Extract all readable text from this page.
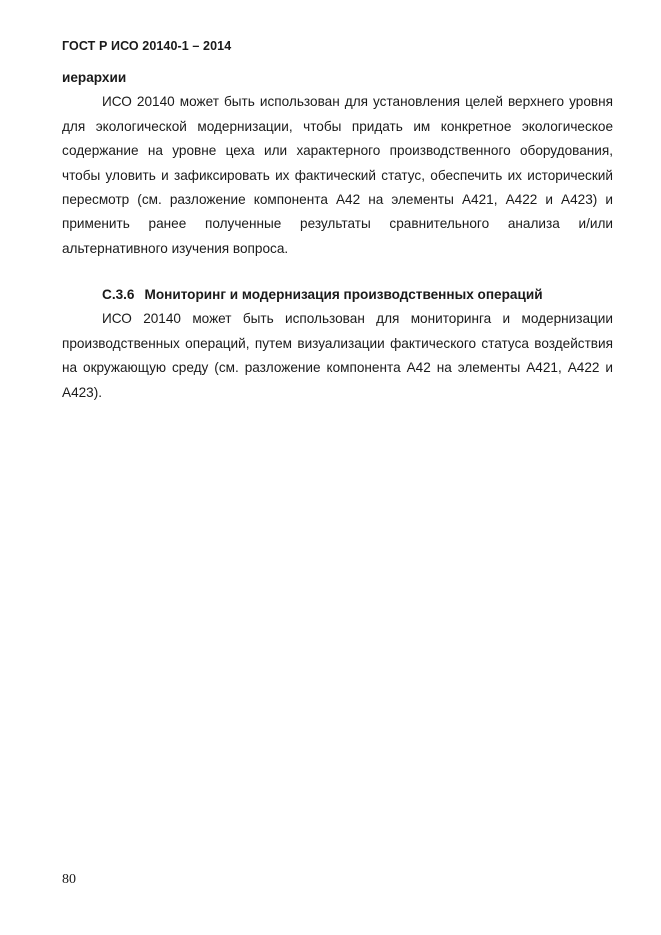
ГОСТ Р ИСО 20140-1 – 2014
иерархии

ИСО 20140 может быть использован для установления целей верхнего уровня для экологической модернизации, чтобы придать им конкретное экологическое содержание на уровне цеха или характерного производственного оборудования, чтобы уловить и зафиксировать их фактический статус, обеспечить их исторический пересмотр (см. разложение компонента А42 на элементы А421, А422 и А423) и применить ранее полученные результаты сравнительного анализа и/или альтернативного изучения вопроса.

С.3.6 Мониторинг и модернизация производственных операций

ИСО 20140 может быть использован для мониторинга и модернизации производственных операций, путем визуализации фактического статуса воздействия на окружающую среду (см. разложение компонента А42 на элементы А421, А422 и А423).

80
